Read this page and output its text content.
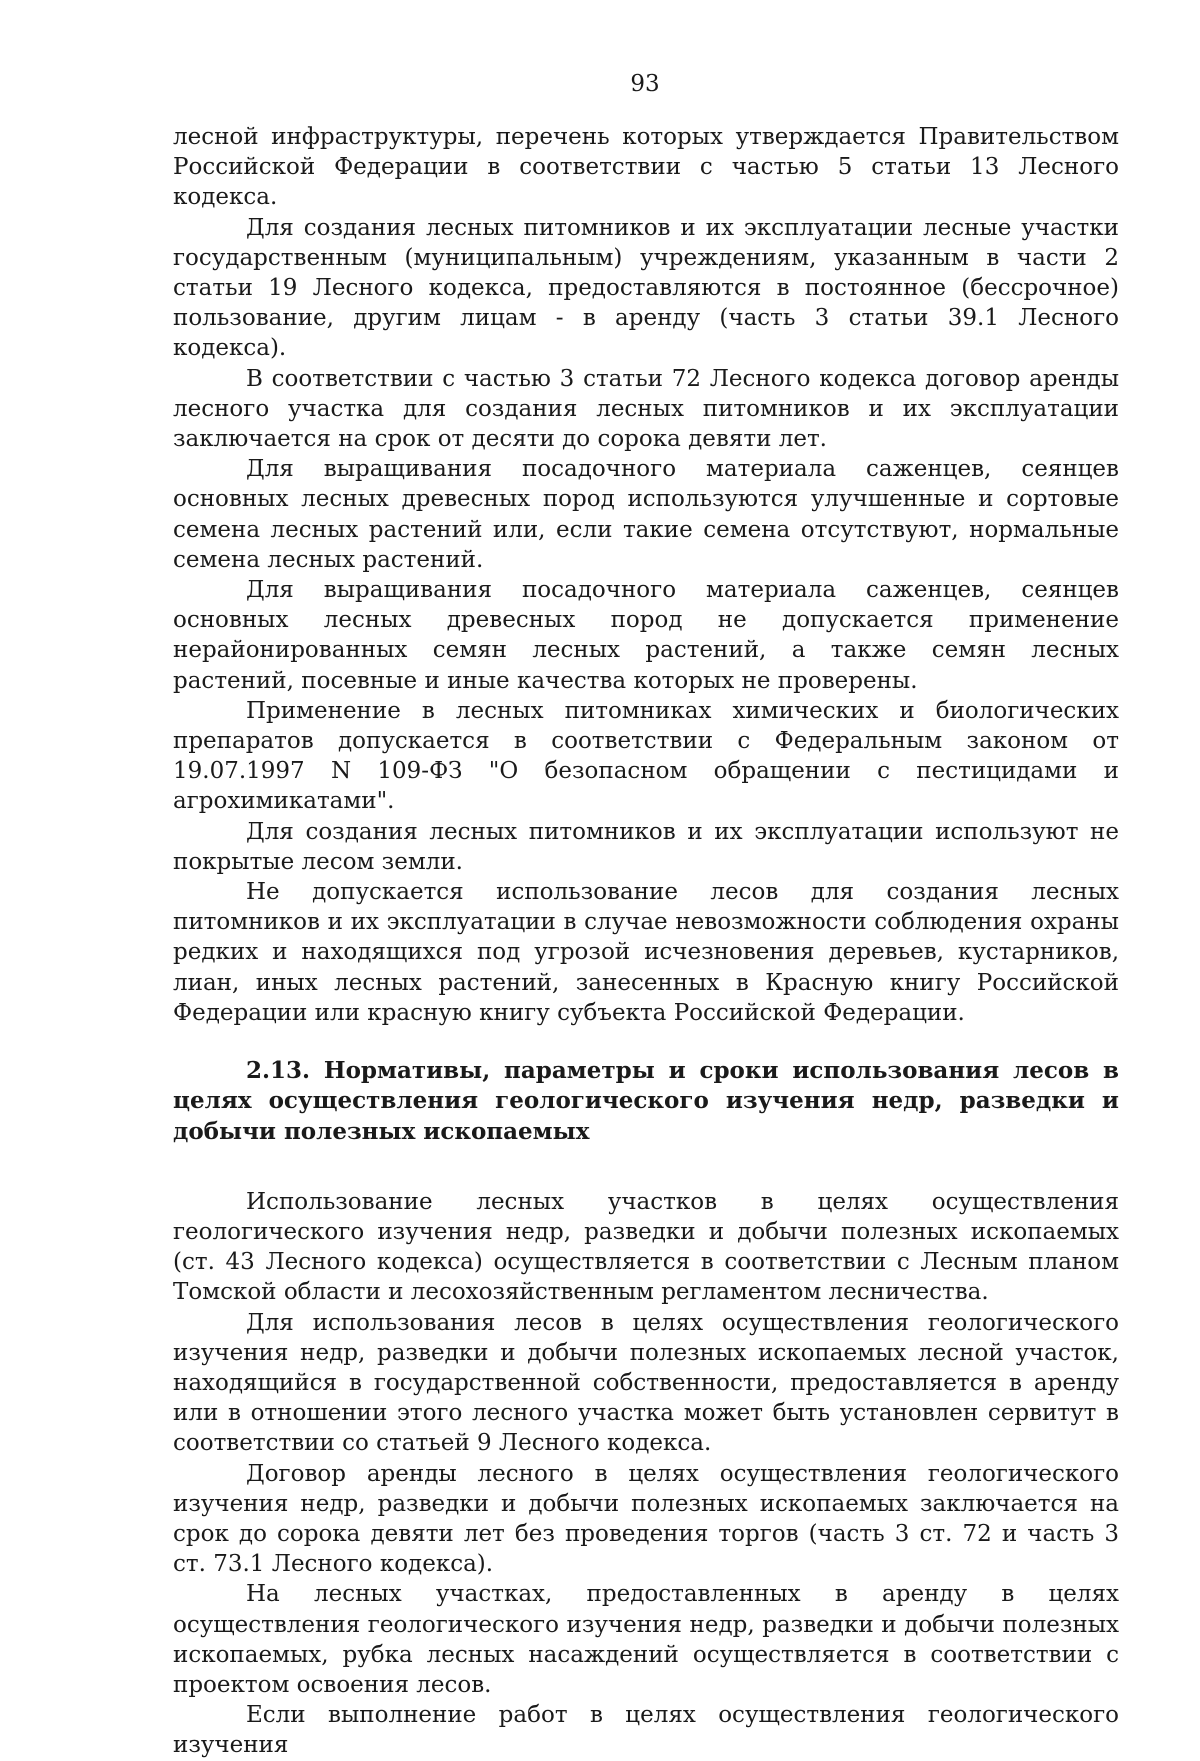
93

лесной инфраструктуры, перечень которых утверждается Правительством Российской Федерации в соответствии с частью 5 статьи 13 Лесного кодекса.

Для создания лесных питомников и их эксплуатации лесные участки государственным (муниципальным) учреждениям, указанным в части 2 статьи 19 Лесного кодекса, предоставляются в постоянное (бессрочное) пользование, другим лицам - в аренду (часть 3 статьи 39.1 Лесного кодекса).

В соответствии с частью 3 статьи 72 Лесного кодекса договор аренды лесного участка для создания лесных питомников и их эксплуатации заключается на срок от десяти до сорока девяти лет.

Для выращивания посадочного материала саженцев, сеянцев основных лесных древесных пород используются улучшенные и сортовые семена лесных растений или, если такие семена отсутствуют, нормальные семена лесных растений.

Для выращивания посадочного материала саженцев, сеянцев основных лесных древесных пород не допускается применение нерайонированных семян лесных растений, а также семян лесных растений, посевные и иные качества которых не проверены.

Применение в лесных питомниках химических и биологических препаратов допускается в соответствии с Федеральным законом от 19.07.1997 N 109-ФЗ "О безопасном обращении с пестицидами и агрохимикатами".

Для создания лесных питомников и их эксплуатации используют не покрытые лесом земли.

Не допускается использование лесов для создания лесных питомников и их эксплуатации в случае невозможности соблюдения охраны редких и находящихся под угрозой исчезновения деревьев, кустарников, лиан, иных лесных растений, занесенных в Красную книгу Российской Федерации или красную книгу субъекта Российской Федерации.

2.13. Нормативы, параметры и сроки использования лесов в целях осуществления геологического изучения недр, разведки и добычи полезных ископаемых

Использование лесных участков в целях осуществления геологического изучения недр, разведки и добычи полезных ископаемых (ст. 43 Лесного кодекса) осуществляется в соответствии с Лесным планом Томской области и лесохозяйственным регламентом лесничества.

Для использования лесов в целях осуществления геологического изучения недр, разведки и добычи полезных ископаемых лесной участок, находящийся в государственной собственности, предоставляется в аренду или в отношении этого лесного участка может быть установлен сервитут в соответствии со статьей 9 Лесного кодекса.

Договор аренды лесного в целях осуществления геологического изучения недр, разведки и добычи полезных ископаемых заключается на срок до сорока девяти лет без проведения торгов (часть 3 ст. 72 и часть 3 ст. 73.1 Лесного кодекса).

На лесных участках, предоставленных в аренду в целях осуществления геологического изучения недр, разведки и добычи полезных ископаемых, рубка лесных насаждений осуществляется в соответствии с проектом освоения лесов.

Если выполнение работ в целях осуществления геологического изучения
